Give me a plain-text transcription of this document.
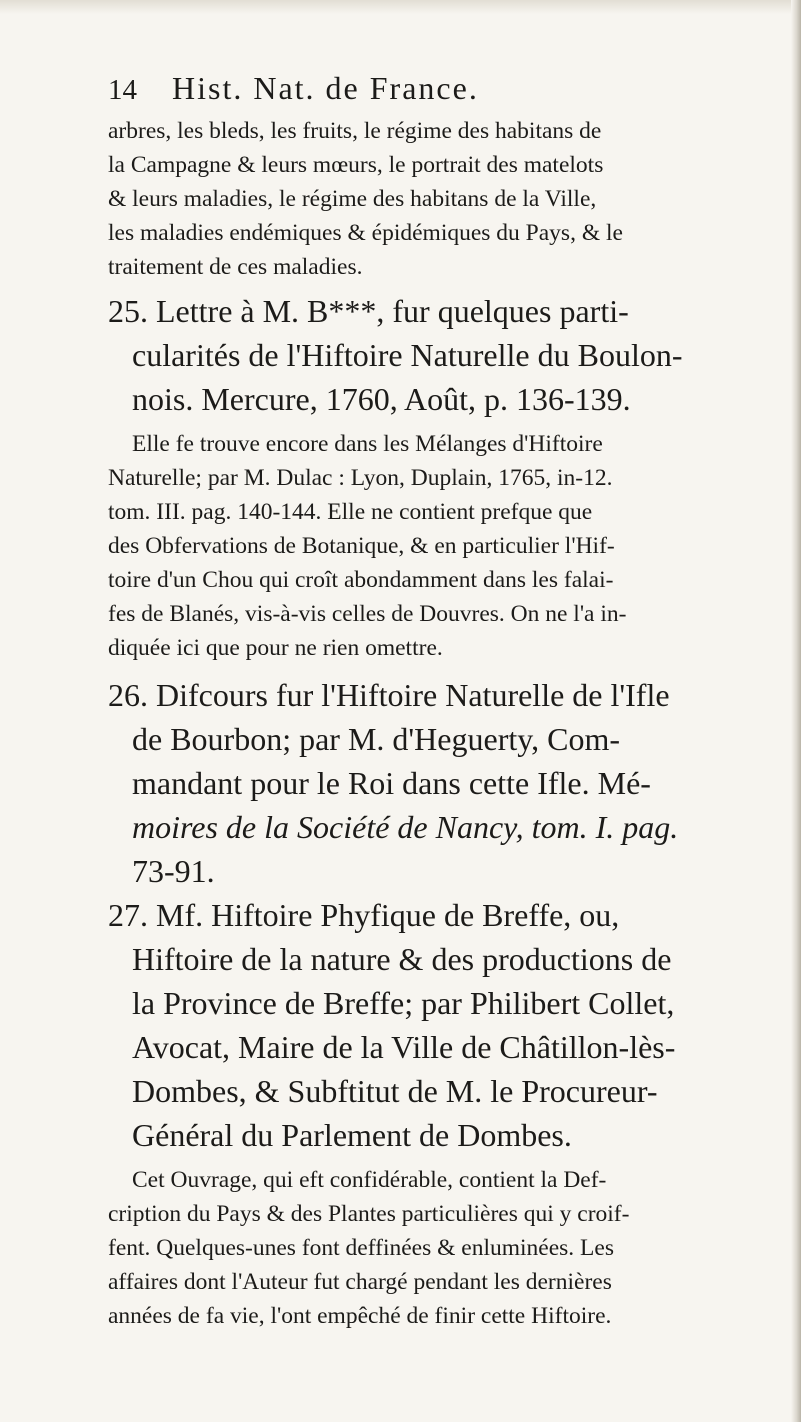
14	Hist. Nat. de France.
arbres, les bleds, les fruits, le régime des habitans de
la Campagne & leurs mœurs, le portrait des matelots
& leurs maladies, le régime des habitans de la Ville,
les maladies endémiques & épidémiques du Pays, & le
traitement de ces maladies.
25. Lettre à M. B***, fur quelques parti-
cularités de l'Hiftoire Naturelle du Boulon-
nois. Mercure, 1760, Août, p. 136-139.
Elle fe trouve encore dans les Mélanges d'Hiftoire
Naturelle; par M. Dulac : Lyon, Duplain, 1765, in-12.
tom. III. pag. 140-144. Elle ne contient prefque que
des Obfervations de Botanique, & en particulier l'Hif-
toire d'un Chou qui croît abondamment dans les falai-
fes de Blanés, vis-à-vis celles de Douvres. On ne l'a in-
diquée ici que pour ne rien omettre.
26. Difcours fur l'Hiftoire Naturelle de l'Ifle
de Bourbon; par M. d'Heguerty, Com-
mandant pour le Roi dans cette Ifle. Mé-
moires de la Société de Nancy, tom. I. pag.
73-91.
27. Mf. Hiftoire Phyfique de Breffe, ou,
Hiftoire de la nature & des productions de
la Province de Breffe; par Philibert Collet,
Avocat, Maire de la Ville de Châtillon-lès-
Dombes, & Subftitut de M. le Procureur-
Général du Parlement de Dombes.
Cet Ouvrage, qui eft confidérable, contient la Def-
cription du Pays & des Plantes particulières qui y croif-
fent. Quelques-unes font deffinées & enluminées. Les
affaires dont l'Auteur fut chargé pendant les dernières
années de fa vie, l'ont empêché de finir cette Hiftoire.
